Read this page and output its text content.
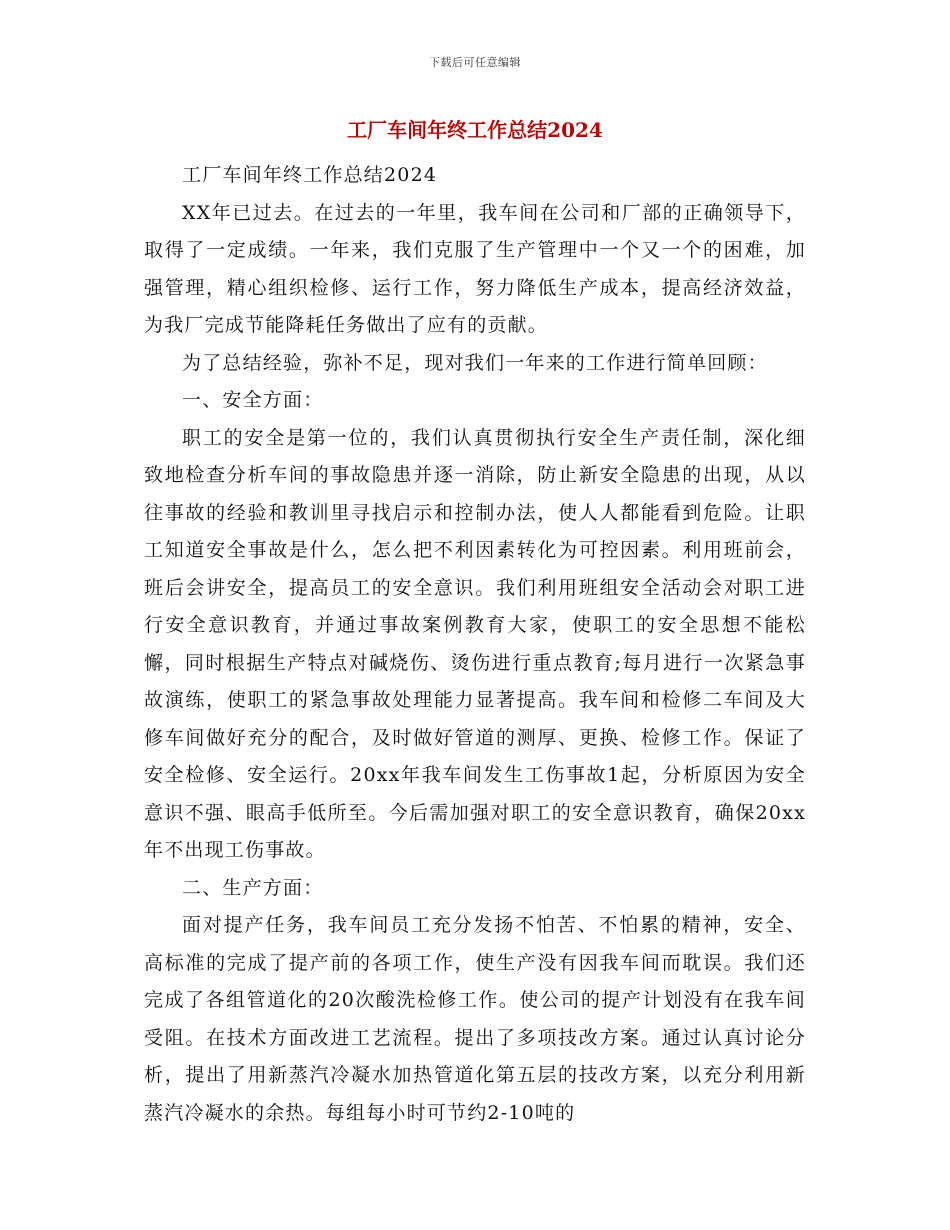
下载后可任意编辑
工厂车间年终工作总结2024

工厂车间年终工作总结2024

XX年已过去。在过去的一年里，我车间在公司和厂部的正确领导下，取得了一定成绩。一年来，我们克服了生产管理中一个又一个的困难，加强管理，精心组织检修、运行工作，努力降低生产成本，提高经济效益，为我厂完成节能降耗任务做出了应有的贡献。

为了总结经验，弥补不足，现对我们一年来的工作进行简单回顾：

一、安全方面：

职工的安全是第一位的，我们认真贯彻执行安全生产责任制，深化细致地检查分析车间的事故隐患并逐一消除，防止新安全隐患的出现，从以往事故的经验和教训里寻找启示和控制办法，使人人都能看到危险。让职工知道安全事故是什么，怎么把不利因素转化为可控因素。利用班前会，班后会讲安全，提高员工的安全意识。我们利用班组安全活动会对职工进行安全意识教育，并通过事故案例教育大家，使职工的安全思想不能松懈，同时根据生产特点对碱烧伤、烫伤进行重点教育;每月进行一次紧急事故演练，使职工的紧急事故处理能力显著提高。我车间和检修二车间及大修车间做好充分的配合，及时做好管道的测厚、更换、检修工作。保证了安全检修、安全运行。20xx年我车间发生工伤事故1起，分析原因为安全意识不强、眼高手低所至。今后需加强对职工的安全意识教育，确保20xx年不出现工伤事故。

二、生产方面：

面对提产任务，我车间员工充分发扬不怕苦、不怕累的精神，安全、高标准的完成了提产前的各项工作，使生产没有因我车间而耽误。我们还完成了各组管道化的20次酸洗检修工作。使公司的提产计划没有在我车间受阻。在技术方面改进工艺流程。提出了多项技改方案。通过认真讨论分析，提出了用新蒸汽冷凝水加热管道化第五层的技改方案，以充分利用新蒸汽冷凝水的余热。每组每小时可节约2-10吨的
